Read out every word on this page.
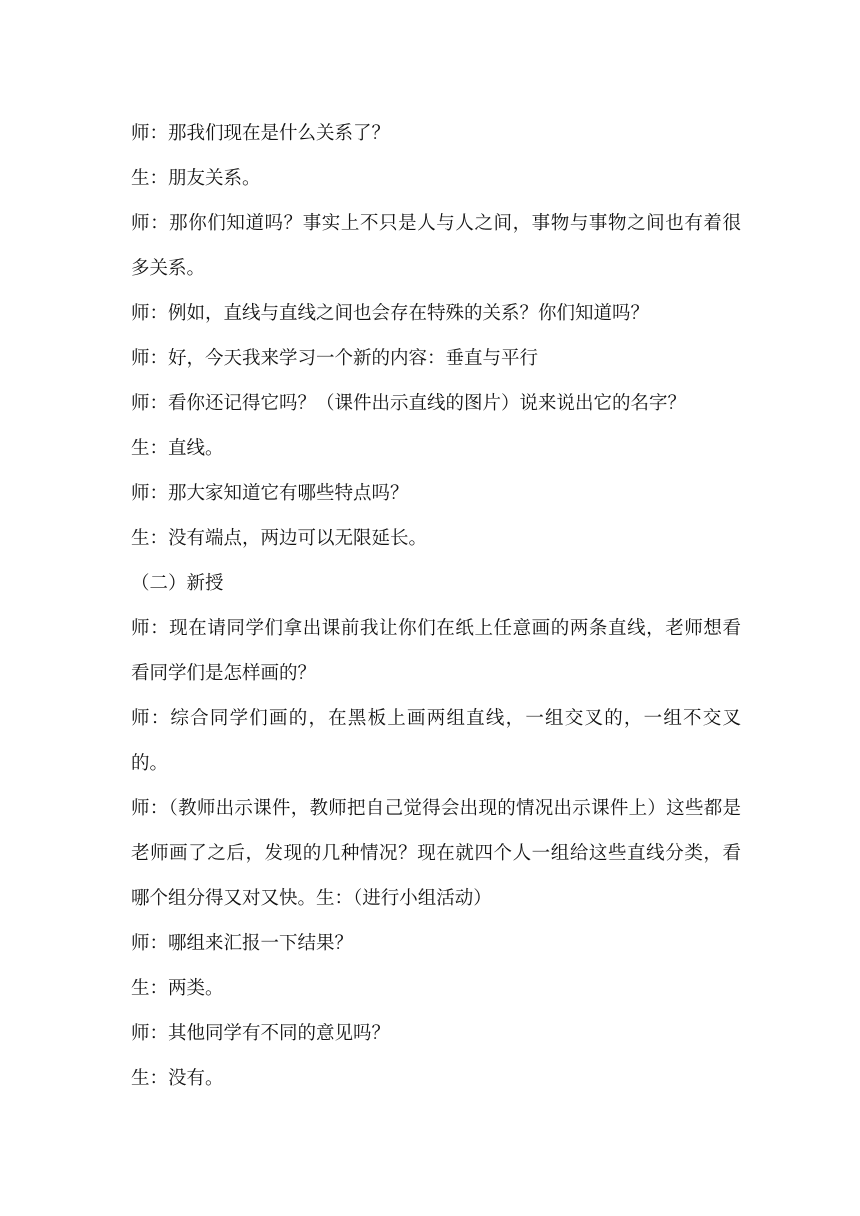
师：那我们现在是什么关系了？

生：朋友关系。

师：那你们知道吗？事实上不只是人与人之间，事物与事物之间也有着很多关系。

师：例如，直线与直线之间也会存在特殊的关系？你们知道吗？

师：好，今天我来学习一个新的内容：垂直与平行

师：看你还记得它吗？（课件出示直线的图片）说来说出它的名字？

生：直线。

师：那大家知道它有哪些特点吗？

生：没有端点，两边可以无限延长。

（二）新授

师：现在请同学们拿出课前我让你们在纸上任意画的两条直线，老师想看看同学们是怎样画的？

师：综合同学们画的，在黑板上画两组直线，一组交叉的，一组不交叉的。

师：（教师出示课件，教师把自己觉得会出现的情况出示课件上）这些都是老师画了之后，发现的几种情况？现在就四个人一组给这些直线分类，看哪个组分得又对又快。生：（进行小组活动）

师：哪组来汇报一下结果？

生：两类。

师：其他同学有不同的意见吗？

生：没有。
